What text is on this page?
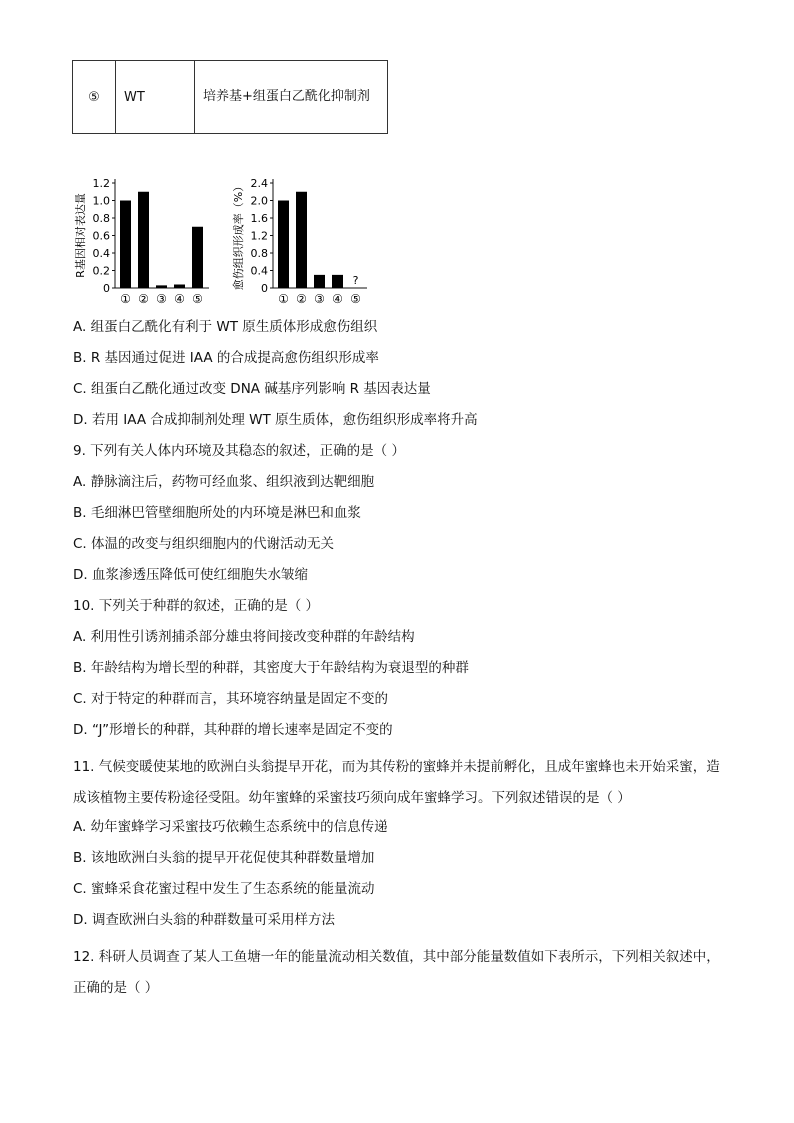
⑤	WT	培养基+组蛋白乙酰化抑制剂
R基因相对表达量
0
0.2
0.4
0.6
0.8
1.0
1.2
① ② ③ ④ ⑤
愈伤组织形成率（%） 0
0.4
0.8
1.2
1.6
2.0
2.4
① ② ③ ④
?
⑤
A. 组蛋白乙酰化有利于 WT 原生质体形成愈伤组织
B. R 基因通过促进 IAA 的合成提高愈伤组织形成率
C. 组蛋白乙酰化通过改变 DNA 碱基序列影响 R 基因表达量
D. 若用 IAA 合成抑制剂处理 WT 原生质体，愈伤组织形成率将升高
9. 下列有关人体内环境及其稳态的叙述，正确的是（ ）
A. 静脉滴注后，药物可经血浆、组织液到达靶细胞
B. 毛细淋巴管壁细胞所处的内环境是淋巴和血浆
C. 体温的改变与组织细胞内的代谢活动无关
D. 血浆渗透压降低可使红细胞失水皱缩
10. 下列关于种群的叙述，正确的是（ ）
A. 利用性引诱剂捕杀部分雄虫将间接改变种群的年龄结构
B. 年龄结构为增长型的种群，其密度大于年龄结构为衰退型的种群
C. 对于特定的种群而言，其环境容纳量是固定不变的
D. “J”形增长的种群，其种群的增长速率是固定不变的
11. 气候变暖使某地的欧洲白头翁提早开花，而为其传粉的蜜蜂并未提前孵化，且成年蜜蜂也未开始采蜜，造成该植物主要传粉途径受阻。幼年蜜蜂的采蜜技巧须向成年蜜蜂学习。下列叙述错误的是（ ）
A. 幼年蜜蜂学习采蜜技巧依赖生态系统中的信息传递
B. 该地欧洲白头翁的提早开花促使其种群数量增加
C. 蜜蜂采食花蜜过程中发生了生态系统的能量流动
D. 调查欧洲白头翁的种群数量可采用样方法
12. 科研人员调查了某人工鱼塘一年的能量流动相关数值，其中部分能量数值如下表所示，下列相关叙述中，正确的是（ ）
